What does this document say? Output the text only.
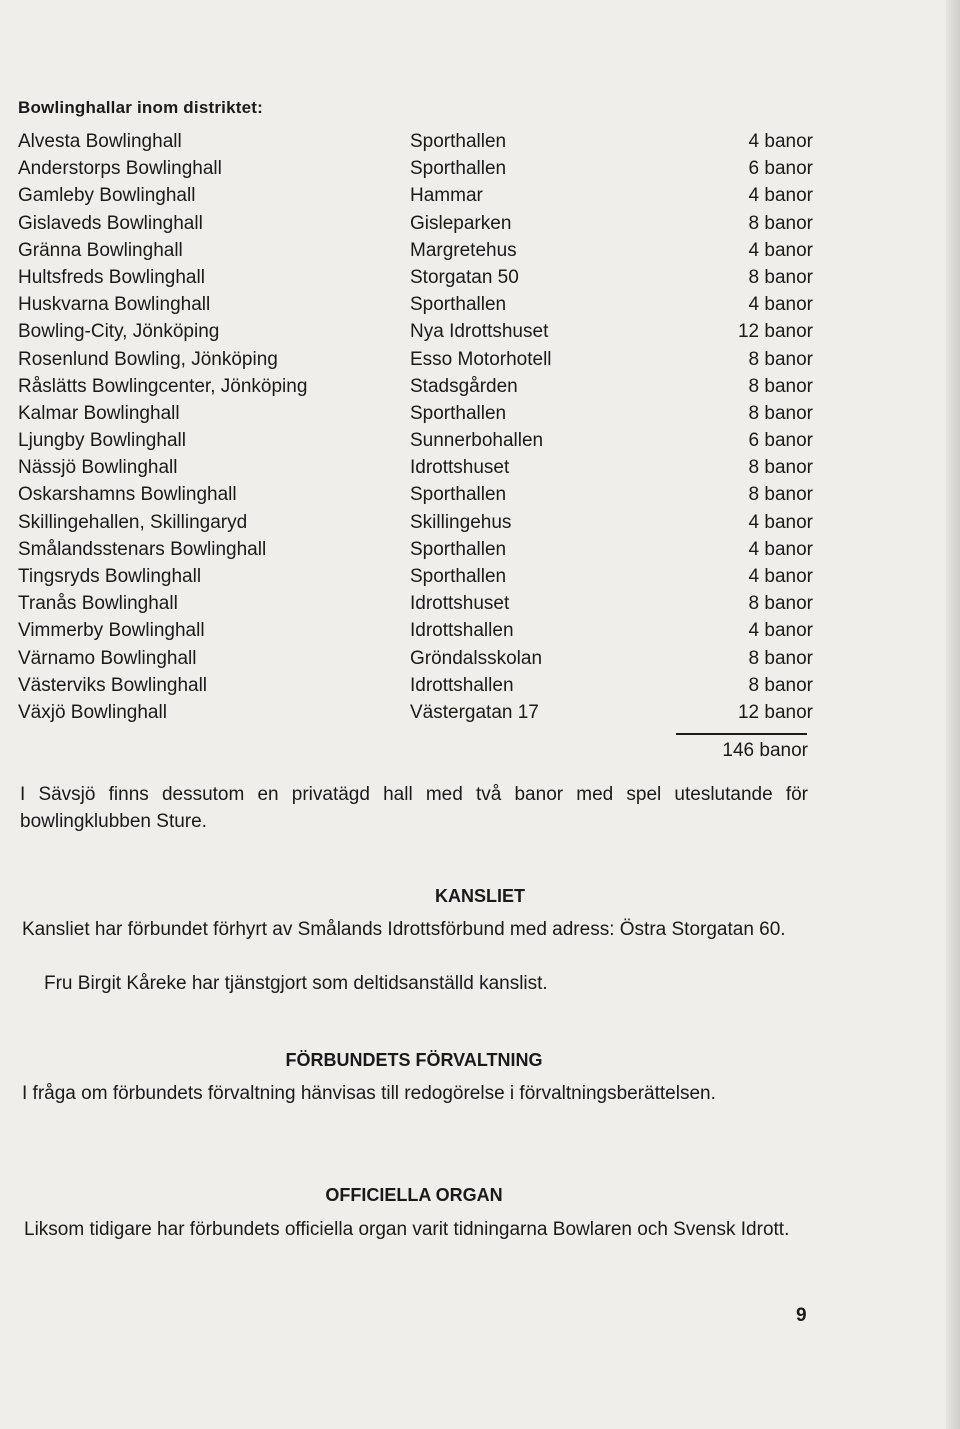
Bowlinghallar inom distriktet:
Alvesta Bowlinghall	Sporthallen	4 banor
Anderstorps Bowlinghall	Sporthallen	6 banor
Gamleby Bowlinghall	Hammar	4 banor
Gislaveds Bowlinghall	Gisleparken	8 banor
Gränna Bowlinghall	Margretehus	4 banor
Hultsfreds Bowlinghall	Storgatan 50	8 banor
Huskvarna Bowlinghall	Sporthallen	4 banor
Bowling-City, Jönköping	Nya Idrottshuset	12 banor
Rosenlund Bowling, Jönköping	Esso Motorhotell	8 banor
Råslätts Bowlingcenter, Jönköping	Stadsgården	8 banor
Kalmar Bowlinghall	Sporthallen	8 banor
Ljungby Bowlinghall	Sunnerbohallen	6 banor
Nässjö Bowlinghall	Idrottshuset	8 banor
Oskarshamns Bowlinghall	Sporthallen	8 banor
Skillingehallen, Skillingaryd	Skillingehus	4 banor
Smålandsstenars Bowlinghall	Sporthallen	4 banor
Tingsryds Bowlinghall	Sporthallen	4 banor
Tranås Bowlinghall	Idrottshuset	8 banor
Vimmerby Bowlinghall	Idrottshallen	4 banor
Värnamo Bowlinghall	Gröndalsskolan	8 banor
Västerviks Bowlinghall	Idrottshallen	8 banor
Växjö Bowlinghall	Västergatan 17	12 banor
146 banor
I Sävsjö finns dessutom en privatägd hall med två banor med spel uteslutande för bowlingklubben Sture.
KANSLIET
Kansliet har förbundet förhyrt av Smålands Idrottsförbund med adress: Östra Storgatan 60.
Fru Birgit Kåreke har tjänstgjort som deltidsanställd kanslist.
FÖRBUNDETS FÖRVALTNING
I fråga om förbundets förvaltning hänvisas till redogörelse i förvaltningsberättelsen.
OFFICIELLA ORGAN
Liksom tidigare har förbundets officiella organ varit tidningarna Bowlaren och Svensk Idrott.
9
